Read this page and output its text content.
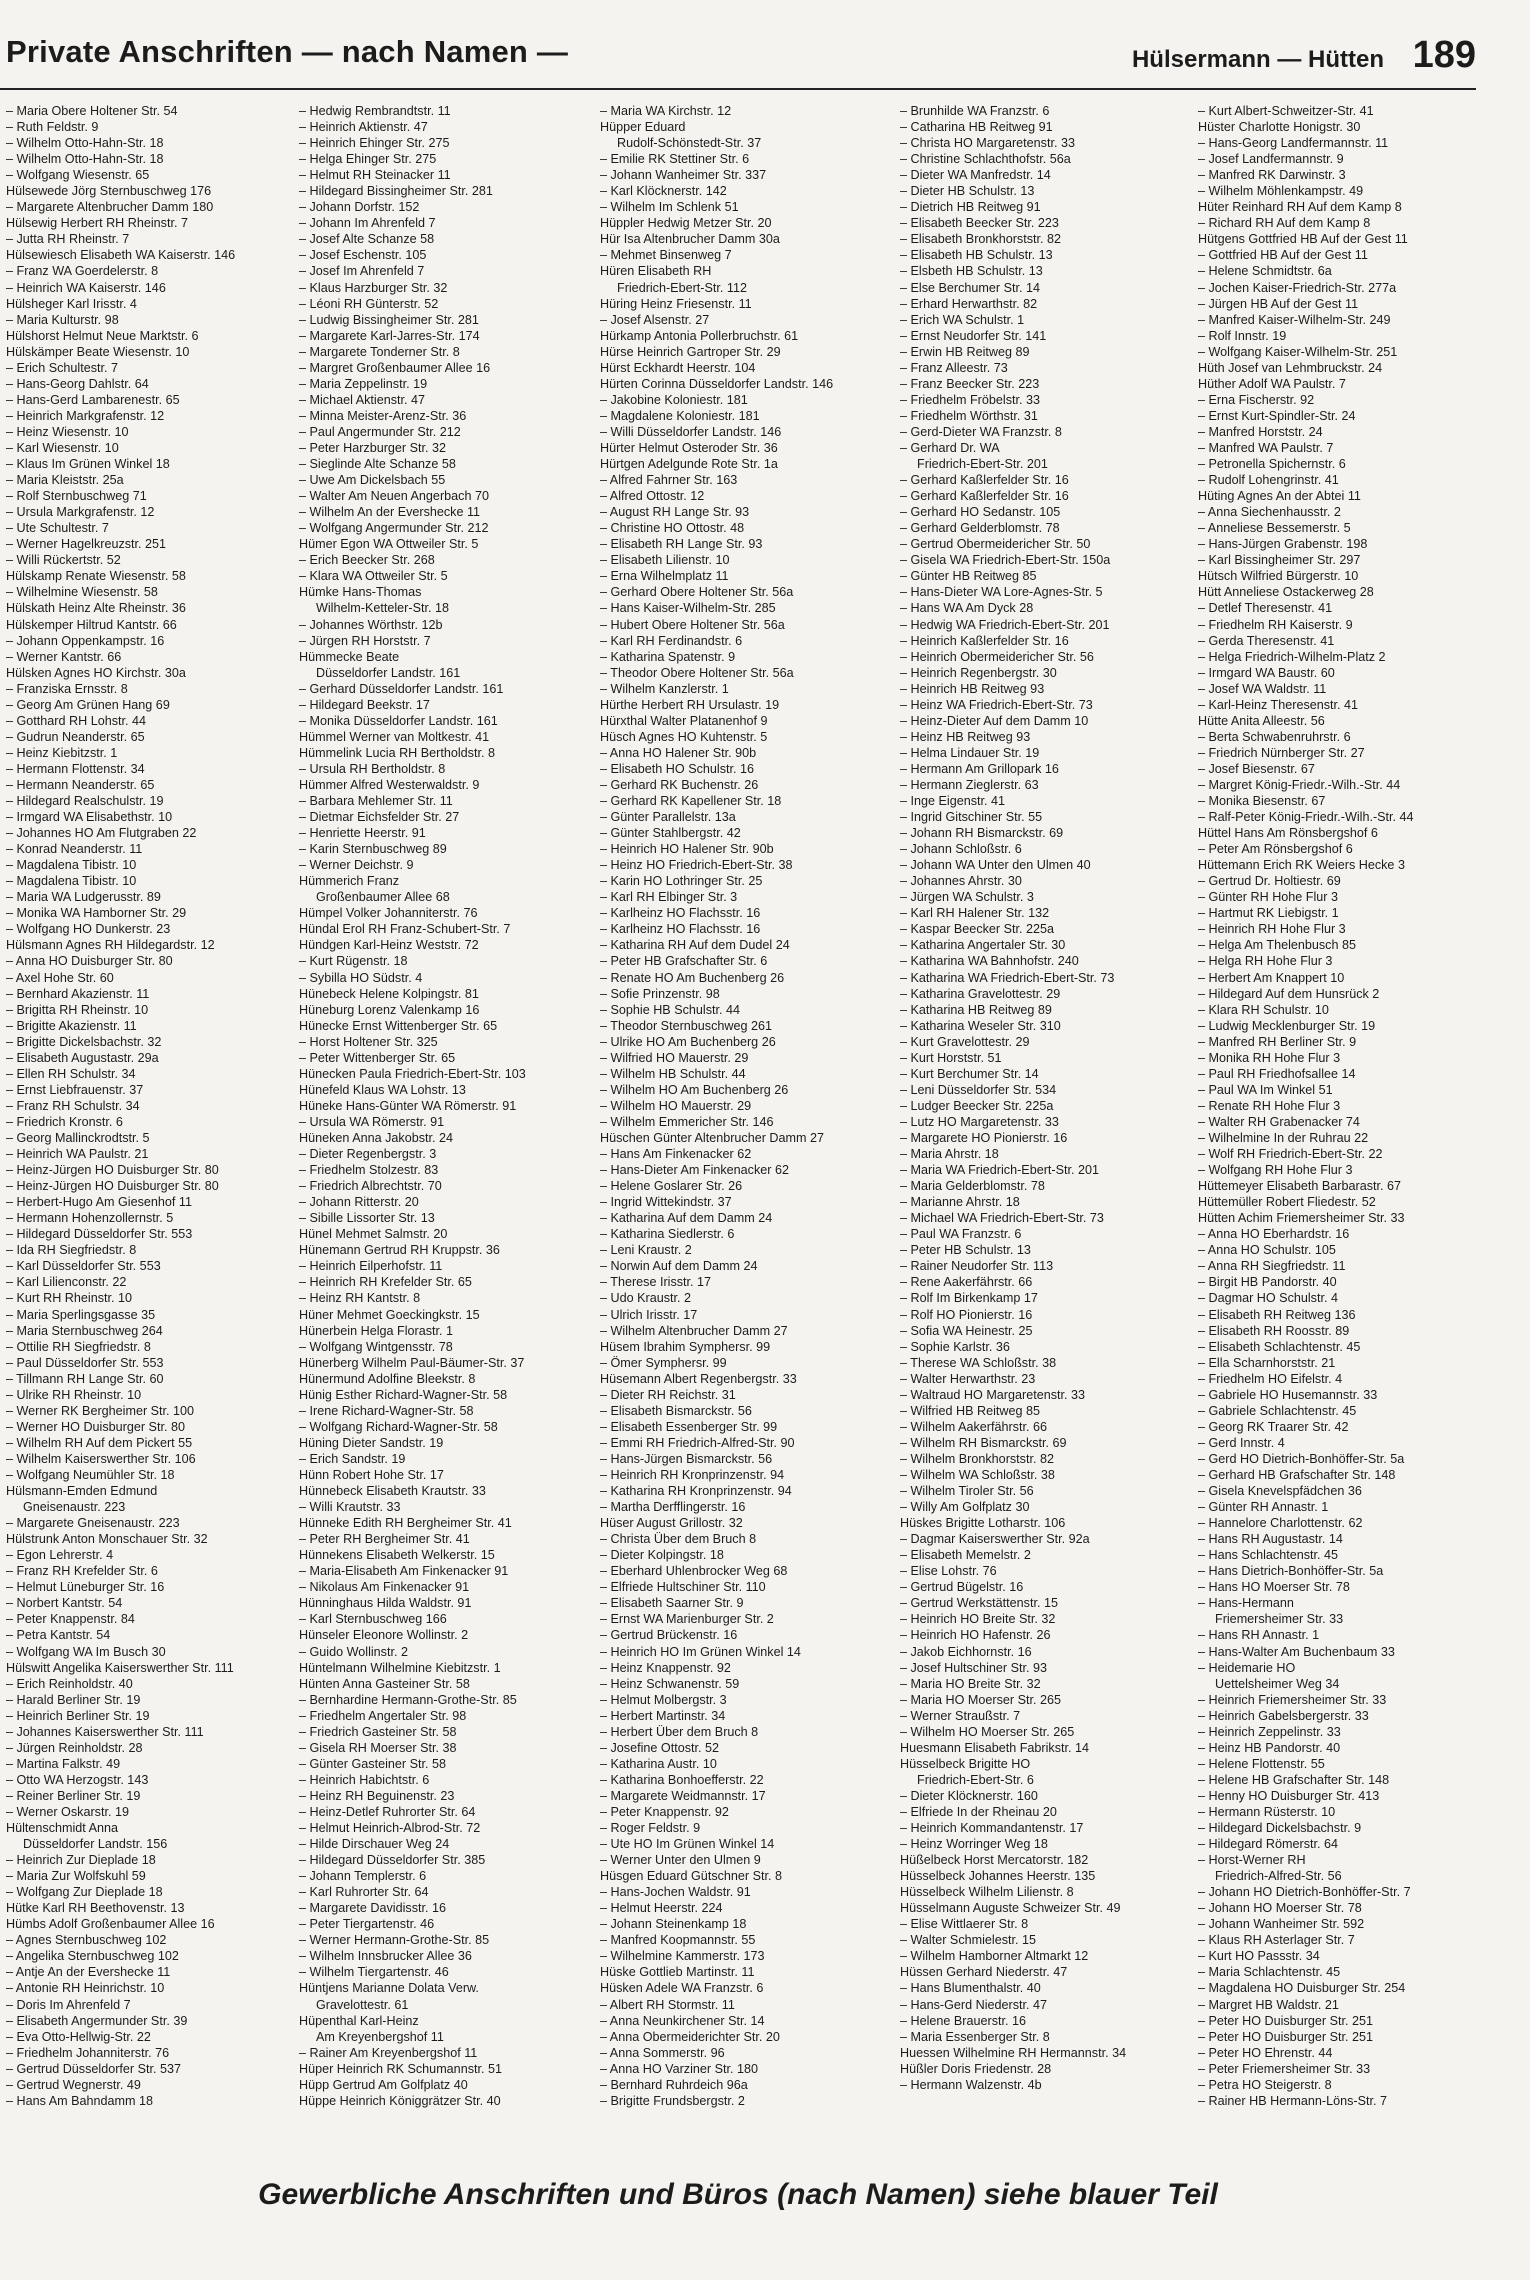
Private Anschriften — nach Namen —	Hülsermann — Hütten 189
– Maria Obere Holtener Str. 54
– Ruth Feldstr. 9
– Wilhelm Otto-Hahn-Str. 18
– Wilhelm Otto-Hahn-Str. 18
– Wolfgang Wiesenstr. 65
Hülsewede Jörg Sternbuschweg 176
– Margarete Altenbrucher Damm 180
Hülsewig Herbert RH Rheinstr. 7
– Jutta RH Rheinstr. 7
Hülsewiesch Elisabeth WA Kaiserstr. 146
– Franz WA Goerdelerstr. 8
– Heinrich WA Kaiserstr. 146
Hülsheger Karl Irisstr. 4
– Maria Kulturstr. 98
Hülshorst Helmut Neue Marktstr. 6
Hülskämper Beate Wiesenstr. 10
– Erich Schultestr. 7
– Hans-Georg Dahlstr. 64
– Hans-Gerd Lambarenestr. 65
– Heinrich Markgrafenstr. 12
– Heinz Wiesenstr. 10
– Karl Wiesenstr. 10
– Klaus Im Grünen Winkel 18
– Maria Kleiststr. 25a
– Rolf Sternbuschweg 71
– Ursula Markgrafenstr. 12
– Ute Schultestr. 7
– Werner Hagelkreuzstr. 251
– Willi Rückertstr. 52
Hülskamp Renate Wiesenstr. 58
– Wilhelmine Wiesenstr. 58
Hülskath Heinz Alte Rheinstr. 36
Hülskemper Hiltrud Kantstr. 66
– Johann Oppenkampstr. 16
– Werner Kantstr. 66
Hülsken Agnes HO Kirchstr. 30a
– Franziska Ernsstr. 8
– Georg Am Grünen Hang 69
– Gotthard RH Lohstr. 44
– Gudrun Neanderstr. 65
– Heinz Kiebitzstr. 1
– Hermann Flottenstr. 34
– Hermann Neanderstr. 65
– Hildegard Realschulstr. 19
– Irmgard WA Elisabethstr. 10
– Johannes HO Am Flutgraben 22
– Konrad Neanderstr. 11
– Magdalena Tibistr. 10
– Magdalena Tibistr. 10
– Maria WA Ludgerusstr. 89
– Monika WA Hamborner Str. 29
– Wolfgang HO Dunkerstr. 23
Hülsmann Agnes RH Hildegardstr. 12
– Anna HO Duisburger Str. 80
– Axel Hohe Str. 60
– Bernhard Akazienstr. 11
– Brigitta RH Rheinstr. 10
– Brigitte Akazienstr. 11
– Brigitte Dickelsbachstr. 32
– Elisabeth Augustastr. 29a
– Ellen RH Schulstr. 34
– Ernst Liebfrauenstr. 37
– Franz RH Schulstr. 34
– Friedrich Kronstr. 6
– Georg Mallinckrodtstr. 5
– Heinrich WA Paulstr. 21
– Heinz-Jürgen HO Duisburger Str. 80
– Heinz-Jürgen HO Duisburger Str. 80
– Herbert-Hugo Am Giesenhof 11
– Hermann Hohenzollernstr. 5
– Hildegard Düsseldorfer Str. 553
– Ida RH Siegfriedstr. 8
– Karl Düsseldorfer Str. 553
– Karl Lilienconstr. 22
– Kurt RH Rheinstr. 10
– Maria Sperlingsgasse 35
– Maria Sternbuschweg 264
– Ottilie RH Siegfriedstr. 8
– Paul Düsseldorfer Str. 553
– Tillmann RH Lange Str. 60
– Ulrike RH Rheinstr. 10
– Werner RK Bergheimer Str. 100
– Werner HO Duisburger Str. 80
– Wilhelm RH Auf dem Pickert 55
– Wilhelm Kaiserswerther Str. 106
– Wolfgang Neumühler Str. 18
Hülsmann-Emden Edmund
Gneisenaustr. 223
– Margarete Gneisenaustr. 223
Hülstrunk Anton Monschauer Str. 32
– Egon Lehrerstr. 4
– Franz RH Krefelder Str. 6
– Helmut Lüneburger Str. 16
– Norbert Kantstr. 54
– Peter Knappenstr. 84
– Petra Kantstr. 54
– Wolfgang WA Im Busch 30
Hülswitt Angelika Kaiserswerther Str. 111
– Erich Reinholdstr. 40
– Harald Berliner Str. 19
– Heinrich Berliner Str. 19
– Johannes Kaiserswerther Str. 111
– Jürgen Reinholdstr. 28
– Martina Falkstr. 49
– Otto WA Herzogstr. 143
– Reiner Berliner Str. 19
– Werner Oskarstr. 19
Hültenschmidt Anna
Düsseldorfer Landstr. 156
– Heinrich Zur Dieplade 18
– Maria Zur Wolfskuhl 59
– Wolfgang Zur Dieplade 18
Hütke Karl RH Beethovenstr. 13
Hümbs Adolf Großenbaumer Allee 16
– Agnes Sternbuschweg 102
– Angelika Sternbuschweg 102
– Antje An der Evershecke 11
– Antonie RH Heinrichstr. 10
– Doris Im Ahrenfeld 7
– Elisabeth Angermunder Str. 39
– Eva Otto-Hellwig-Str. 22
– Friedhelm Johanniterstr. 76
– Gertrud Düsseldorfer Str. 537
– Gertrud Wegnerstr. 49
– Hans Am Bahndamm 18
– Hedwig Rembrandtstr. 11
– Heinrich Aktienstr. 47
– Heinrich Ehinger Str. 275
– Helga Ehinger Str. 275
– Helmut RH Steinacker 11
– Hildegard Bissingheimer Str. 281
– Johann Dorfstr. 152
– Johann Im Ahrenfeld 7
– Josef Alte Schanze 58
– Josef Eschenstr. 105
– Josef Im Ahrenfeld 7
– Klaus Harzburger Str. 32
– Léoni RH Günterstr. 52
– Ludwig Bissingheimer Str. 281
– Margarete Karl-Jarres-Str. 174
– Margarete Tonderner Str. 8
– Margret Großenbaumer Allee 16
– Maria Zeppelinstr. 19
– Michael Aktienstr. 47
– Minna Meister-Arenz-Str. 36
– Paul Angermunder Str. 212
– Peter Harzburger Str. 32
– Sieglinde Alte Schanze 58
– Uwe Am Dickelsbach 55
– Walter Am Neuen Angerbach 70
– Wilhelm An der Evershecke 11
– Wolfgang Angermunder Str. 212
Hümer Egon WA Ottweiler Str. 5
– Erich Beecker Str. 268
– Klara WA Ottweiler Str. 5
Hümke Hans-Thomas
Wilhelm-Ketteler-Str. 18
– Johannes Wörthstr. 12b
– Jürgen RH Horststr. 7
Hümmecke Beate
Düsseldorfer Landstr. 161
– Gerhard Düsseldorfer Landstr. 161
– Hildegard Beekstr. 17
– Monika Düsseldorfer Landstr. 161
Hümmel Werner van Moltkestr. 41
Hümmelink Lucia RH Bertholdstr. 8
– Ursula RH Bertholdstr. 8
Hümmer Alfred Westerwaldstr. 9
– Barbara Mehlemer Str. 11
– Dietmar Eichsfelder Str. 27
– Henriette Heerstr. 91
– Karin Sternbuschweg 89
– Werner Deichstr. 9
Hümmerich Franz
Großenbaumer Allee 68
Hümpel Volker Johanniterstr. 76
Hündal Erol RH Franz-Schubert-Str. 7
Hündgen Karl-Heinz Weststr. 72
– Kurt Rügenstr. 18
– Sybilla HO Südstr. 4
Hünebeck Helene Kolpingstr. 81
Hüneburg Lorenz Valenkamp 16
Hünecke Ernst Wittenberger Str. 65
– Horst Holtener Str. 325
– Peter Wittenberger Str. 65
Hünecken Paula Friedrich-Ebert-Str. 103
Hünefeld Klaus WA Lohstr. 13
Hüneke Hans-Günter WA Römerstr. 91
– Ursula WA Römerstr. 91
Hüneken Anna Jakobstr. 24
– Dieter Regenbergstr. 3
– Friedhelm Stolzestr. 83
– Friedrich Albrechtstr. 70
– Johann Ritterstr. 20
– Sibille Lissorter Str. 13
Hünel Mehmet Salmstr. 20
Hünemann Gertrud RH Kruppstr. 36
– Heinrich Eilperhofstr. 11
– Heinrich RH Krefelder Str. 65
– Heinz RH Kantstr. 8
Hüner Mehmet Goeckingkstr. 15
Hünerbein Helga Florastr. 1
– Wolfgang Wintgensstr. 78
Hünerberg Wilhelm Paul-Bäumer-Str. 37
Hünermund Adolfine Bleekstr. 8
Hünig Esther Richard-Wagner-Str. 58
– Irene Richard-Wagner-Str. 58
– Wolfgang Richard-Wagner-Str. 58
Hüning Dieter Sandstr. 19
– Erich Sandstr. 19
Hünn Robert Hohe Str. 17
Hünnebeck Elisabeth Krautstr. 33
– Willi Krautstr. 33
Hünneke Edith RH Bergheimer Str. 41
– Peter RH Bergheimer Str. 41
Hünnekens Elisabeth Welkerstr. 15
– Maria-Elisabeth Am Finkenacker 91
– Nikolaus Am Finkenacker 91
Hünninghaus Hilda Waldstr. 91
– Karl Sternbuschweg 166
Hünseler Eleonore Wollinstr. 2
– Guido Wollinstr. 2
Hüntelmann Wilhelmine Kiebitzstr. 1
Hünten Anna Gasteiner Str. 58
– Bernhardine Hermann-Grothe-Str. 85
– Friedhelm Angertaler Str. 98
– Friedrich Gasteiner Str. 58
– Gisela RH Moerser Str. 38
– Günter Gasteiner Str. 58
– Heinrich Habichtstr. 6
– Heinz RH Beguinenstr. 23
– Heinz-Detlef Ruhrorter Str. 64
– Helmut Heinrich-Albrod-Str. 72
– Hilde Dirschauer Weg 24
– Hildegard Düsseldorfer Str. 385
– Johann Templerstr. 6
– Karl Ruhrorter Str. 64
– Margarete Davidisstr. 16
– Peter Tiergartenstr. 46
– Werner Hermann-Grothe-Str. 85
– Wilhelm Innsbrucker Allee 36
– Wilhelm Tiergartenstr. 46
Hüntjens Marianne Dolata Verw.
Gravelottestr. 61
Hüpenthal Karl-Heinz
Am Kreyenbergshof 11
– Rainer Am Kreyenbergshof 11
Hüper Heinrich RK Schumannstr. 51
Hüpp Gertrud Am Golfplatz 40
Hüppe Heinrich Königgrätzer Str. 40
– Maria WA Kirchstr. 12
Hüpper Eduard
Rudolf-Schönstedt-Str. 37
– Emilie RK Stettiner Str. 6
– Johann Wanheimer Str. 337
– Karl Klöcknerstr. 142
– Wilhelm Im Schlenk 51
Hüppler Hedwig Metzer Str. 20
Hür Isa Altenbrucher Damm 30a
– Mehmet Binsenweg 7
Hüren Elisabeth RH
Friedrich-Ebert-Str. 112
Hüring Heinz Friesenstr. 11
– Josef Alsenstr. 27
Hürkamp Antonia Pollerbruchstr. 61
Hürse Heinrich Gartroper Str. 29
Hürst Eckhardt Heerstr. 104
Hürten Corinna Düsseldorfer Landstr. 146
– Jakobine Koloniestr. 181
– Magdalene Koloniestr. 181
– Willi Düsseldorfer Landstr. 146
Hürter Helmut Osteroder Str. 36
Hürtgen Adelgunde Rote Str. 1a
– Alfred Fahrner Str. 163
– Alfred Ottostr. 12
– August RH Lange Str. 93
– Christine HO Ottostr. 48
– Elisabeth RH Lange Str. 93
– Elisabeth Lilienstr. 10
– Erna Wilhelmplatz 11
– Gerhard Obere Holtener Str. 56a
– Hans Kaiser-Wilhelm-Str. 285
– Hubert Obere Holtener Str. 56a
– Karl RH Ferdinandstr. 6
– Katharina Spatenstr. 9
– Theodor Obere Holtener Str. 56a
– Wilhelm Kanzlerstr. 1
Hürthe Herbert RH Ursulastr. 19
Hürxthal Walter Platanenhof 9
Hüsch Agnes HO Kuhtenstr. 5
– Anna HO Halener Str. 90b
– Elisabeth HO Schulstr. 16
– Gerhard RK Buchenstr. 26
– Gerhard RK Kapellener Str. 18
– Günter Parallelstr. 13a
– Günter Stahlbergstr. 42
– Heinrich HO Halener Str. 90b
– Heinz HO Friedrich-Ebert-Str. 38
– Karin HO Lothringer Str. 25
– Karl RH Elbinger Str. 3
– Karlheinz HO Flachsstr. 16
– Karlheinz HO Flachsstr. 16
– Katharina RH Auf dem Dudel 24
– Peter HB Grafschafter Str. 6
– Renate HO Am Buchenberg 26
– Sofie Prinzenstr. 98
– Sophie HB Schulstr. 44
– Theodor Sternbuschweg 261
– Ulrike HO Am Buchenberg 26
– Wilfried HO Mauerstr. 29
– Wilhelm HB Schulstr. 44
– Wilhelm HO Am Buchenberg 26
– Wilhelm HO Mauerstr. 29
– Wilhelm Emmericher Str. 146
Hüschen Günter Altenbrucher Damm 27
– Hans Am Finkenacker 62
– Hans-Dieter Am Finkenacker 62
– Helene Goslarer Str. 26
– Ingrid Wittekindstr. 37
– Katharina Auf dem Damm 24
– Katharina Siedlerstr. 6
– Leni Kraustr. 2
– Norwin Auf dem Damm 24
– Therese Irisstr. 17
– Udo Kraustr. 2
– Ulrich Irisstr. 17
– Wilhelm Altenbrucher Damm 27
Hüsem Ibrahim Symphersr. 99
– Ömer Symphersr. 99
Hüsemann Albert Regenbergstr. 33
– Dieter RH Reichstr. 31
– Elisabeth Bismarckstr. 56
– Elisabeth Essenberger Str. 99
– Emmi RH Friedrich-Alfred-Str. 90
– Hans-Jürgen Bismarckstr. 56
– Heinrich RH Kronprinzenstr. 94
– Katharina RH Kronprinzenstr. 94
– Martha Derfflingerstr. 16
Hüser August Grillostr. 32
– Christa Über dem Bruch 8
– Dieter Kolpingstr. 18
– Eberhard Uhlenbrocker Weg 68
– Elfriede Hultschiner Str. 110
– Elisabeth Saarner Str. 9
– Ernst WA Marienburger Str. 2
– Gertrud Brückenstr. 16
– Heinrich HO Im Grünen Winkel 14
– Heinz Knappenstr. 92
– Heinz Schwanenstr. 59
– Helmut Molbergstr. 3
– Herbert Martinstr. 34
– Herbert Über dem Bruch 8
– Josefine Ottostr. 52
– Katharina Austr. 10
– Katharina Bonhoefferstr. 22
– Margarete Weidmannstr. 17
– Peter Knappenstr. 92
– Roger Feldstr. 9
– Ute HO Im Grünen Winkel 14
– Werner Unter den Ulmen 9
Hüsgen Eduard Gütschner Str. 8
– Hans-Jochen Waldstr. 91
– Helmut Heerstr. 224
– Johann Steinenkamp 18
– Manfred Koopmannstr. 55
– Wilhelmine Kammerstr. 173
Hüske Gottlieb Martinstr. 11
Hüsken Adele WA Franzstr. 6
– Albert RH Stormstr. 11
– Anna Neunkirchener Str. 14
– Anna Obermeiderichter Str. 20
– Anna Sommerstr. 96
– Anna HO Varziner Str. 180
– Bernhard Ruhrdeich 96a
– Brigitte Frundsbergstr. 2
– Brunhilde WA Franzstr. 6
– Catharina HB Reitweg 91
– Christa HO Margaretenstr. 33
– Christine Schlachthofstr. 56a
– Dieter WA Manfredstr. 14
– Dieter HB Schulstr. 13
– Dietrich HB Reitweg 91
– Elisabeth Beecker Str. 223
– Elisabeth Bronkhorststr. 82
– Elisabeth HB Schulstr. 13
– Elsbeth HB Schulstr. 13
– Else Berchumer Str. 14
– Erhard Herwarthstr. 82
– Erich WA Schulstr. 1
– Ernst Neudorfer Str. 141
– Erwin HB Reitweg 89
– Franz Alleestr. 73
– Franz Beecker Str. 223
– Friedhelm Fröbelstr. 33
– Friedhelm Wörthstr. 31
– Gerd-Dieter WA Franzstr. 8
– Gerhard Dr. WA
Friedrich-Ebert-Str. 201
– Gerhard Kaßlerfelder Str. 16
– Gerhard Kaßlerfelder Str. 16
– Gerhard HO Sedanstr. 105
– Gerhard Gelderblomstr. 78
– Gertrud Obermeidericher Str. 50
– Gisela WA Friedrich-Ebert-Str. 150a
– Günter HB Reitweg 85
– Hans-Dieter WA Lore-Agnes-Str. 5
– Hans WA Am Dyck 28
– Hedwig WA Friedrich-Ebert-Str. 201
– Heinrich Kaßlerfelder Str. 16
– Heinrich Obermeidericher Str. 56
– Heinrich Regenbergstr. 30
– Heinrich HB Reitweg 93
– Heinz WA Friedrich-Ebert-Str. 73
– Heinz-Dieter Auf dem Damm 10
– Heinz HB Reitweg 93
– Helma Lindauer Str. 19
– Hermann Am Grillopark 16
– Hermann Zieglerstr. 63
– Inge Eigenstr. 41
– Ingrid Gitschiner Str. 55
– Johann RH Bismarckstr. 69
– Johann Schloßstr. 6
– Johann WA Unter den Ulmen 40
– Johannes Ahrstr. 30
– Jürgen WA Schulstr. 3
– Karl RH Halener Str. 132
– Kaspar Beecker Str. 225a
– Katharina Angertaler Str. 30
– Katharina WA Bahnhofstr. 240
– Katharina WA Friedrich-Ebert-Str. 73
– Katharina Gravelottestr. 29
– Katharina HB Reitweg 89
– Katharina Weseler Str. 310
– Kurt Gravelottestr. 29
– Kurt Horststr. 51
– Kurt Berchumer Str. 14
– Leni Düsseldorfer Str. 534
– Ludger Beecker Str. 225a
– Lutz HO Margaretenstr. 33
– Margarete HO Pionierstr. 16
– Maria Ahrstr. 18
– Maria WA Friedrich-Ebert-Str. 201
– Maria Gelderblomstr. 78
– Marianne Ahrstr. 18
– Michael WA Friedrich-Ebert-Str. 73
– Paul WA Franzstr. 6
– Peter HB Schulstr. 13
– Rainer Neudorfer Str. 113
– Rene Aakerfährstr. 66
– Rolf Im Birkenkamp 17
– Rolf HO Pionierstr. 16
– Sofia WA Heinestr. 25
– Sophie Karlstr. 36
– Therese WA Schloßstr. 38
– Walter Herwarthstr. 23
– Waltraud HO Margaretenstr. 33
– Wilfried HB Reitweg 85
– Wilhelm Aakerfährstr. 66
– Wilhelm RH Bismarckstr. 69
– Wilhelm Bronkhorststr. 82
– Wilhelm WA Schloßstr. 38
– Wilhelm Tiroler Str. 56
– Willy Am Golfplatz 30
Hüskes Brigitte Lotharstr. 106
– Dagmar Kaiserswerther Str. 92a
– Elisabeth Memelstr. 2
– Elise Lohstr. 76
– Gertrud Bügelstr. 16
– Gertrud Werkstättenstr. 15
– Heinrich HO Breite Str. 32
– Heinrich HO Hafenstr. 26
– Jakob Eichhornstr. 16
– Josef Hultschiner Str. 93
– Maria HO Breite Str. 32
– Maria HO Moerser Str. 265
– Werner Straußstr. 7
– Wilhelm HO Moerser Str. 265
Huesmann Elisabeth Fabrikstr. 14
Hüsselbeck Brigitte HO
Friedrich-Ebert-Str. 6
– Dieter Klöcknerstr. 160
– Elfriede In der Rheinau 20
– Heinrich Kommandantenstr. 17
– Heinz Worringer Weg 18
Hüßelbeck Horst Mercatorstr. 182
Hüsselbeck Johannes Heerstr. 135
Hüsselbeck Wilhelm Lilienstr. 8
Hüsselmann Auguste Schweizer Str. 49
– Elise Wittlaerer Str. 8
– Walter Schmielestr. 15
– Wilhelm Hamborner Altmarkt 12
Hüssen Gerhard Niederstr. 47
– Hans Blumenthalstr. 40
– Hans-Gerd Niederstr. 47
– Helene Brauerstr. 16
– Maria Essenberger Str. 8
Huessen Wilhelmine RH Hermannstr. 34
Hüßler Doris Friedenstr. 28
– Hermann Walzenstr. 4b
– Kurt Albert-Schweitzer-Str. 41
Hüster Charlotte Honigstr. 30
– Hans-Georg Landfermannstr. 11
– Josef Landfermannstr. 9
– Manfred RK Darwinstr. 3
– Wilhelm Möhlenkampstr. 49
Hüter Reinhard RH Auf dem Kamp 8
– Richard RH Auf dem Kamp 8
Hütgens Gottfried HB Auf der Gest 11
– Gottfried HB Auf der Gest 11
– Helene Schmidtstr. 6a
– Jochen Kaiser-Friedrich-Str. 277a
– Jürgen HB Auf der Gest 11
– Manfred Kaiser-Wilhelm-Str. 249
– Rolf Innstr. 19
– Wolfgang Kaiser-Wilhelm-Str. 251
Hüth Josef van Lehmbruckstr. 24
Hüther Adolf WA Paulstr. 7
– Erna Fischerstr. 92
– Ernst Kurt-Spindler-Str. 24
– Manfred Horststr. 24
– Manfred WA Paulstr. 7
– Petronella Spichernstr. 6
– Rudolf Lohengrinstr. 41
Hüting Agnes An der Abtei 11
– Anna Siechenhausstr. 2
– Anneliese Bessemerstr. 5
– Hans-Jürgen Grabenstr. 198
– Karl Bissingheimer Str. 297
Hütsch Wilfried Bürgerstr. 10
Hütt Anneliese Ostackerweg 28
– Detlef Theresenstr. 41
– Friedhelm RH Kaiserstr. 9
– Gerda Theresenstr. 41
– Helga Friedrich-Wilhelm-Platz 2
– Irmgard WA Baustr. 60
– Josef WA Waldstr. 11
– Karl-Heinz Theresenstr. 41
Hütte Anita Alleestr. 56
– Berta Schwabenruhrstr. 6
– Friedrich Nürnberger Str. 27
– Josef Biesenstr. 67
– Margret König-Friedr.-Wilh.-Str. 44
– Monika Biesenstr. 67
– Ralf-Peter König-Friedr.-Wilh.-Str. 44
Hüttel Hans Am Rönsbergshof 6
– Peter Am Rönsbergshof 6
Hüttemann Erich RK Weiers Hecke 3
– Gertrud Dr. Holtiestr. 69
– Günter RH Hohe Flur 3
– Hartmut RK Liebigstr. 1
– Heinrich RH Hohe Flur 3
– Helga Am Thelenbusch 85
– Helga RH Hohe Flur 3
– Herbert Am Knappert 10
– Hildegard Auf dem Hunsrück 2
– Klara RH Schulstr. 10
– Ludwig Mecklenburger Str. 19
– Manfred RH Berliner Str. 9
– Monika RH Hohe Flur 3
– Paul RH Friedhofsallee 14
– Paul WA Im Winkel 51
– Renate RH Hohe Flur 3
– Walter RH Grabenacker 74
– Wilhelmine In der Ruhrau 22
– Wolf RH Friedrich-Ebert-Str. 22
– Wolfgang RH Hohe Flur 3
Hüttemeyer Elisabeth Barbarastr. 67
Hüttemüller Robert Fliedestr. 52
Hütten Achim Friemersheimer Str. 33
– Anna HO Eberhardstr. 16
– Anna HO Schulstr. 105
– Anna RH Siegfriedstr. 11
– Birgit HB Pandorstr. 40
– Dagmar HO Schulstr. 4
– Elisabeth RH Reitweg 136
– Elisabeth RH Roosstr. 89
– Elisabeth Schlachtenstr. 45
– Ella Scharnhorststr. 21
– Friedhelm HO Eifelstr. 4
– Gabriele HO Husemannstr. 33
– Gabriele Schlachtenstr. 45
– Georg RK Traarer Str. 42
– Gerd Innstr. 4
– Gerd HO Dietrich-Bonhöffer-Str. 5a
– Gerhard HB Grafschafter Str. 148
– Gisela Knevelspfädchen 36
– Günter RH Annastr. 1
– Hannelore Charlottenstr. 62
– Hans RH Augustastr. 14
– Hans Schlachtenstr. 45
– Hans Dietrich-Bonhöffer-Str. 5a
– Hans HO Moerser Str. 78
– Hans-Hermann
Friemersheimer Str. 33
– Hans RH Annastr. 1
– Hans-Walter Am Buchenbaum 33
– Heidemarie HO
Uettelsheimer Weg 34
– Heinrich Friemersheimer Str. 33
– Heinrich Gabelsbergerstr. 33
– Heinrich Zeppelinstr. 33
– Heinz HB Pandorstr. 40
– Helene Flottenstr. 55
– Helene HB Grafschafter Str. 148
– Henny HO Duisburger Str. 413
– Hermann Rüsterstr. 10
– Hildegard Dickelsbachstr. 9
– Hildegard Römerstr. 64
– Horst-Werner RH
Friedrich-Alfred-Str. 56
– Johann HO Dietrich-Bonhöffer-Str. 7
– Johann HO Moerser Str. 78
– Johann Wanheimer Str. 592
– Klaus RH Asterlager Str. 7
– Kurt HO Passstr. 34
– Maria Schlachtenstr. 45
– Magdalena HO Duisburger Str. 254
– Margret HB Waldstr. 21
– Peter HO Duisburger Str. 251
– Peter HO Duisburger Str. 251
– Peter HO Ehrenstr. 44
– Peter Friemersheimer Str. 33
– Petra HO Steigerstr. 8
– Rainer HB Hermann-Löns-Str. 7
Gewerbliche Anschriften und Büros (nach Namen) siehe blauer Teil
